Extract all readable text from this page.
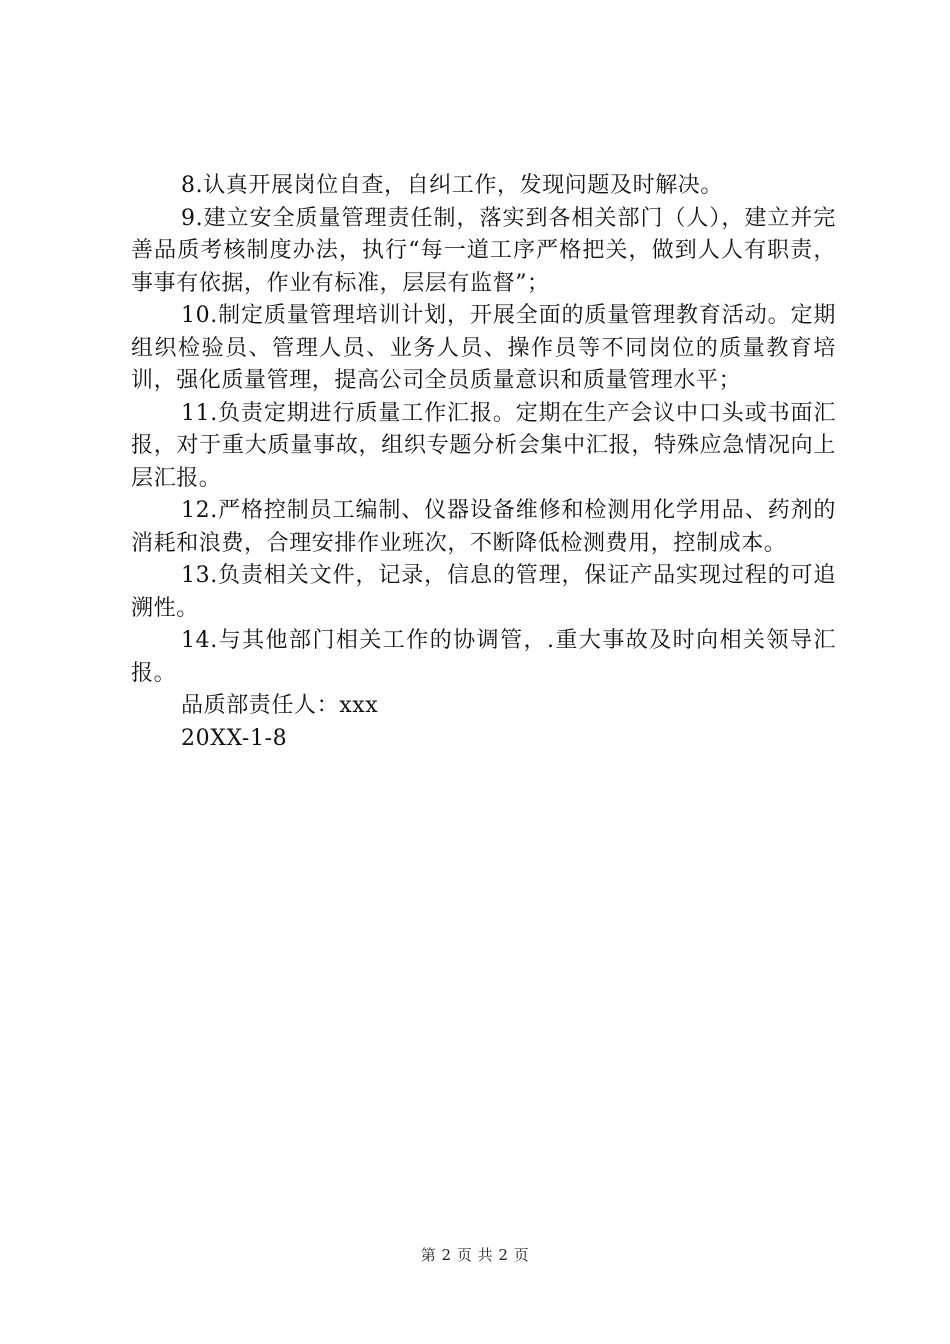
8.认真开展岗位自查，自纠工作，发现问题及时解决。

9.建立安全质量管理责任制，落实到各相关部门（人），建立并完善品质考核制度办法，执行“每一道工序严格把关，做到人人有职责，事事有依据，作业有标准，层层有监督”；

10.制定质量管理培训计划，开展全面的质量管理教育活动。定期组织检验员、管理人员、业务人员、操作员等不同岗位的质量教育培训，强化质量管理，提高公司全员质量意识和质量管理水平；

11.负责定期进行质量工作汇报。定期在生产会议中口头或书面汇报，对于重大质量事故，组织专题分析会集中汇报，特殊应急情况向上层汇报。

12.严格控制员工编制、仪器设备维修和检测用化学用品、药剂的消耗和浪费，合理安排作业班次，不断降低检测费用，控制成本。

13.负责相关文件，记录，信息的管理，保证产品实现过程的可追溯性。

14.与其他部门相关工作的协调管，.重大事故及时向相关领导汇报。

品质部责任人：xxx

20XX-1-8

第 2 页 共 2 页
